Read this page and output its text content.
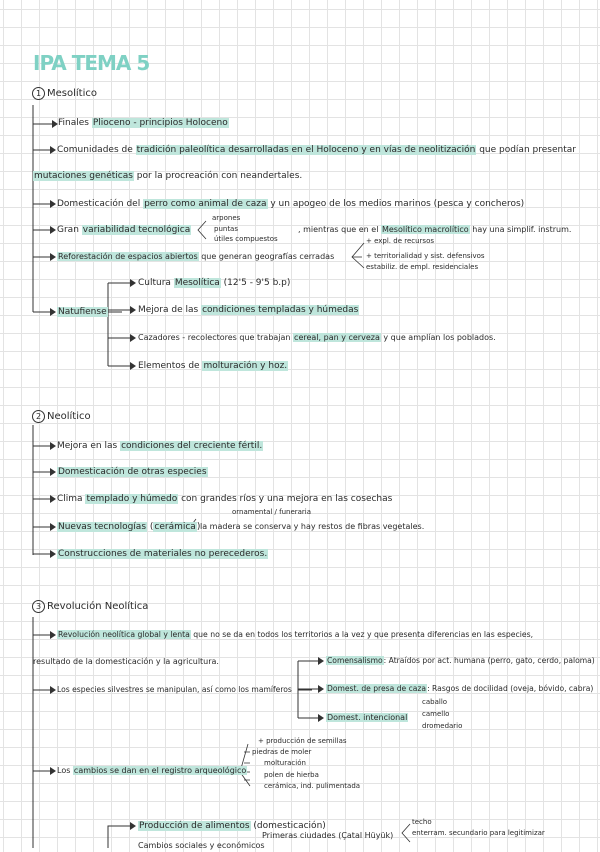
IPA TEMA 5
1 Mesolítico
Finales Plioceno - principios Holoceno
Comunidades de tradición paleolítica desarrolladas en el Holoceno y en vías de neolitización que podían presentar
mutaciones genéticas por la procreación con neandertales.
Domesticación del perro como animal de caza y un apogeo de los medios marinos (pesca y concheros)
Gran variabilidad tecnológica
arpones
puntas
útiles compuestos
, mientras que en el Mesolítico macrolítico hay una simplif. instrum.
Reforestación de espacios abiertos que generan geografías cerradas
+ expl. de recursos
+ territorialidad y sist. defensivos
estabiliz. de empl. residenciales
Natufiense
Cultura Mesolítica (12'5 - 9'5 b.p)
Mejora de las condiciones templadas y húmedas
Cazadores - recolectores que trabajan cereal, pan y cerveza y que amplían los poblados.
Elementos de molturación y hoz.
2 Neolítico
Mejora en las condiciones del creciente fértil.
Domesticación de otras especies
Clima templado y húmedo con grandes ríos y una mejora en las cosechas
ornamental / funeraria
Nuevas tecnologías (cerámica) la madera se conserva y hay restos de fibras vegetales.
Construcciones de materiales no perecederos.
3 Revolución Neolítica
Revolución neolítica global y lenta que no se da en todos los territorios a la vez y que presenta diferencias en las especies,
resultado de la domesticación y la agricultura.
Los especies silvestres se manipulan, así como los mamíferos
Comensalismo: Atraídos por act. humana (perro, gato, cerdo, paloma)
Domest. de presa de caza: Rasgos de docilidad (oveja, bóvido, cabra)
Domest. intencional
caballo
camello
dromedario
Los cambios se dan en el registro arqueológico
+ producción de semillas
piedras de moler
molturación
polen de hierba
cerámica, ind. pulimentada
Producción de alimentos (domesticación)	techo
enterram. secundario para legitimizar
Primeras ciudades (Çatal Hüyük)
Cambios sociales y económicos
